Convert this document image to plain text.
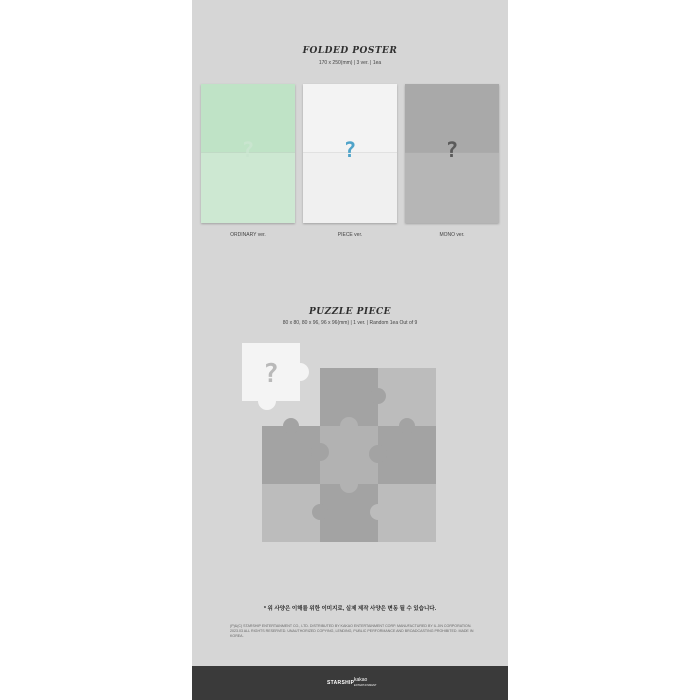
FOLDED POSTER
170 x 250(mm) | 3 ver. | 1ea
?	?	?
ORDINARY ver.	PIECE ver.	MONO ver.
PUZZLE PIECE
80 x 80, 80 x 96, 96 x 96(mm) | 1 ver. | Random 1ea Out of 9
?
* 위 사양은 이해를 위한 이미지로, 실제 제작 사양은 변동 될 수 있습니다.
(P)&(C) STARSHIP ENTERTAINMENT CO., LTD. DISTRIBUTED BY KAKAO ENTERTAINMENT CORP. MANUFACTURED BY IL JIN CORPORATION. 2023.03 ALL RIGHTS RESERVED. UNAUTHORIZED COPYING, LENDING, PUBLIC PERFORMANCE AND BROADCASTING PROHIBITED. MADE IN KOREA.
STARSHIP kakao
ENTERTAINMENT
